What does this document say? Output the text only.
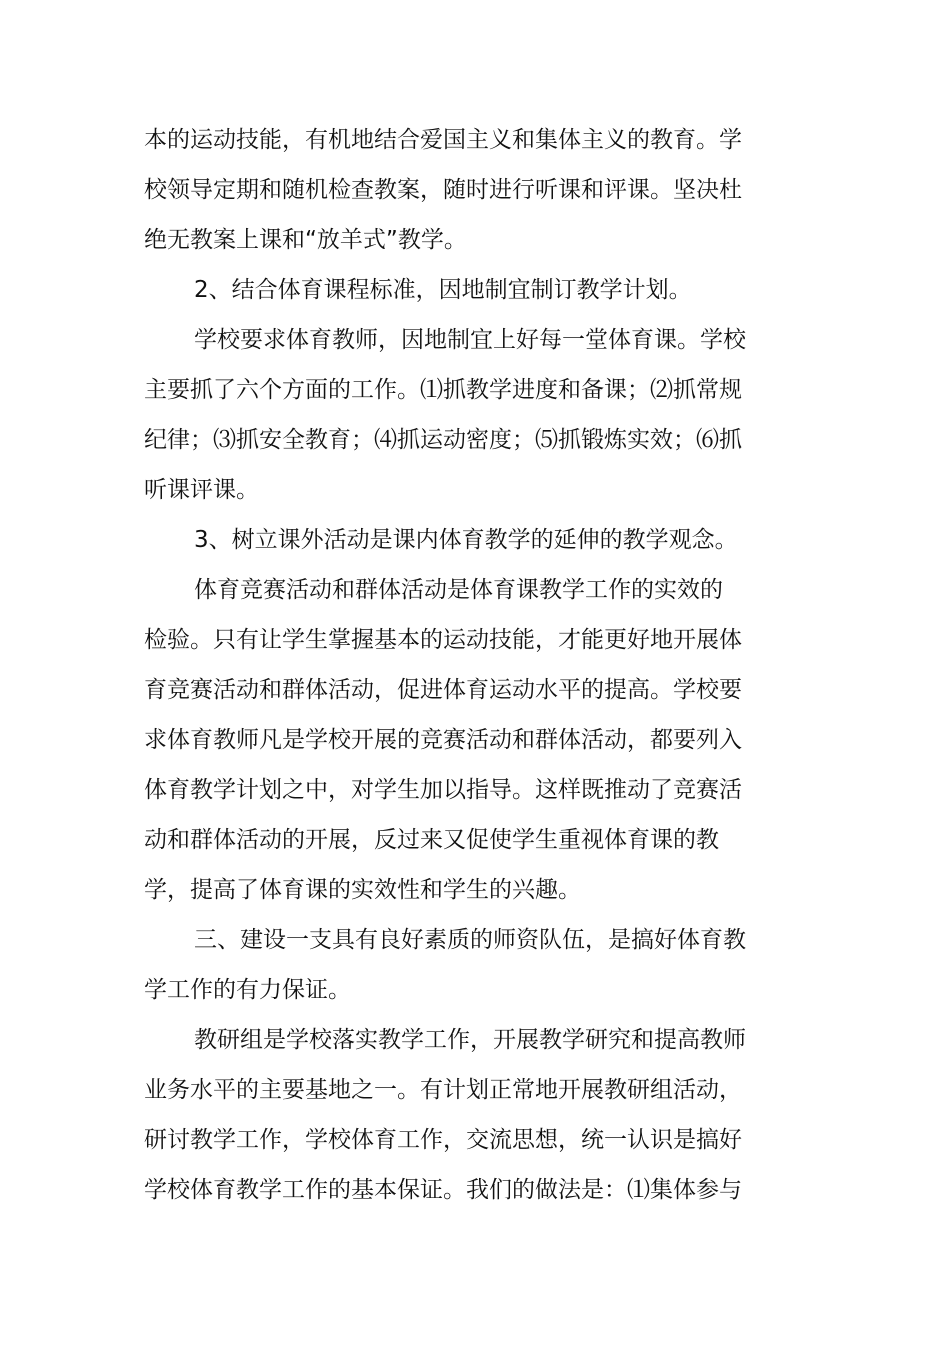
本的运动技能，有机地结合爱国主义和集体主义的教育。学
校领导定期和随机检查教案，随时进行听课和评课。坚决杜
绝无教案上课和“放羊式”教学。
2、结合体育课程标准，因地制宜制订教学计划。
学校要求体育教师，因地制宜上好每一堂体育课。学校
主要抓了六个方面的工作。⑴抓教学进度和备课；⑵抓常规
纪律；⑶抓安全教育；⑷抓运动密度；⑸抓锻炼实效；⑹抓
听课评课。
3、树立课外活动是课内体育教学的延伸的教学观念。
体育竞赛活动和群体活动是体育课教学工作的实效的
检验。只有让学生掌握基本的运动技能，才能更好地开展体
育竞赛活动和群体活动，促进体育运动水平的提高。学校要
求体育教师凡是学校开展的竞赛活动和群体活动，都要列入
体育教学计划之中，对学生加以指导。这样既推动了竞赛活
动和群体活动的开展，反过来又促使学生重视体育课的教
学，提高了体育课的实效性和学生的兴趣。
三、建设一支具有良好素质的师资队伍，是搞好体育教
学工作的有力保证。
教研组是学校落实教学工作，开展教学研究和提高教师
业务水平的主要基地之一。有计划正常地开展教研组活动，
研讨教学工作，学校体育工作，交流思想，统一认识是搞好
学校体育教学工作的基本保证。我们的做法是：⑴集体参与
